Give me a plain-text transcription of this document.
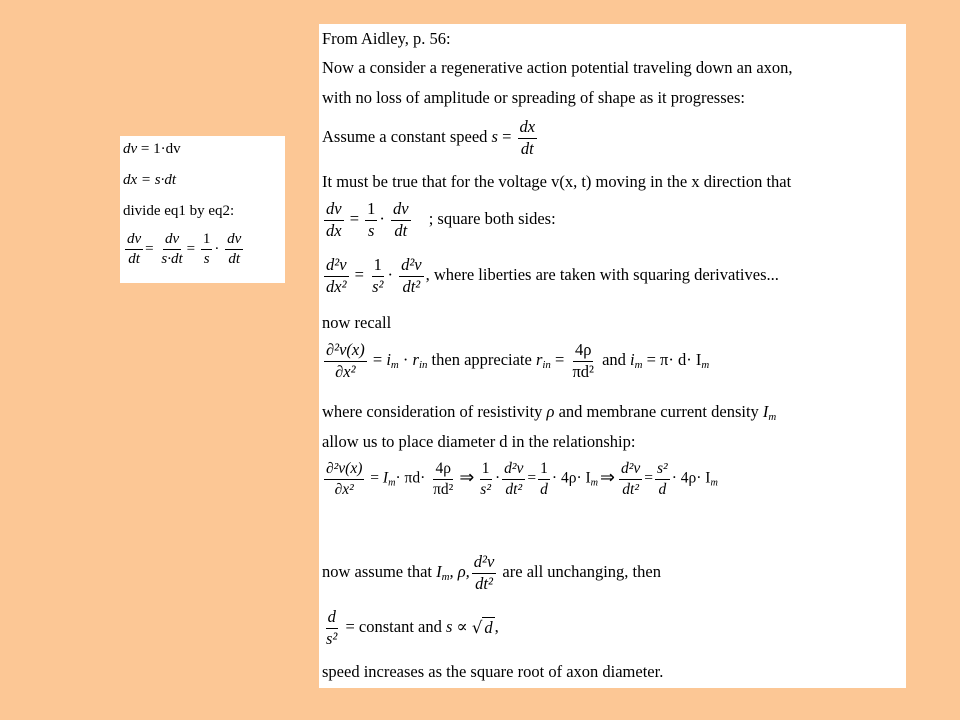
dv = 1·dv
dx = s·dt
divide eq1 by eq2:
$\frac{dv}{dt} = \frac{dv}{s\cdot dt} = \frac{1}{s} \cdot \frac{dv}{dt}$
From Aidley, p. 56:
Now a consider a regenerative action potential traveling down an axon,
with no loss of amplitude or spreading of shape as it progresses:
Assume a constant speed $s = \frac{dx}{dt}$
It must be true that for the voltage v(x, t) moving in the x direction that
$\frac{dv}{dx} = \frac{1}{s} \cdot \frac{dv}{dt}$ ; square both sides:
$\frac{\text{d²v}}{\text{dx²}} = \frac{1}{\text{s²}} \cdot \frac{\text{d²v}}{\text{dt²}}$ , where liberties are taken with squaring derivatives...
now recall
$\frac{\text{∂²v(x)}}{\text{∂x²}}$ = im · rin then appreciate rin = $\frac{4\rho}{\text{πd²}}$ and im = π· d· Im
where consideration of resistivity ρ and membrane current density Im
allow us to place diameter d in the relationship:
$\frac{\text{∂²v(x)}}{\text{∂x²}} = Im\cdot \pi d\cdot \frac{4\rho}{\text{πd²}}$ ⇒ $\frac{1}{\text{s²}} \cdot \frac{\text{d²v}}{\text{dt²}} = \frac{1}{d} \cdot 4\rho\cdot Im$ ⇒ $\frac{\text{d²v}}{\text{dt²}} = \frac{\text{s²}}{d} \cdot 4\rho\cdot Im$
now assume that Im, ρ, $\frac{\text{d²v}}{\text{dt²}}$ are all unchanging, then
$\frac{d}{\text{s²}}$ = constant and s ∝ √ d ,
speed increases as the square root of axon diameter.
